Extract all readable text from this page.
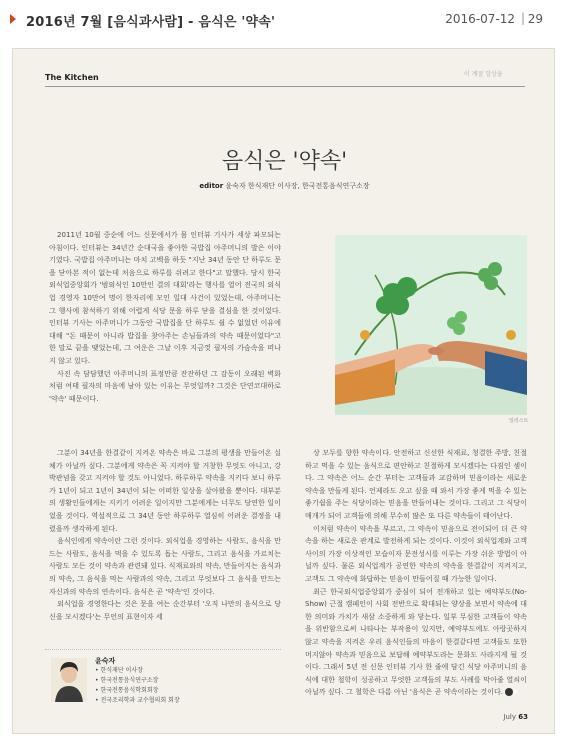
2016년 7월 [음식과사람] - 음식은 '약속'	2016-07-12 | 29
The Kitchen	이 계절 일상을
음식은 '약속'
editor 윤숙자 한식재단 이사장, 한국전통음식연구소장

2011년 10월 중순에 어느 신문에서가 몸 인터뷰 기사가 세상 파모되는 아침이다. 인터뷰는 34년간 순대국을 좋아한 국밥집 아주머니의 발은 이야기였다. 국밥집 아주머니는 마치 고백을 하듯 "지난 34년 동안 단 하루도 문을 닫아본 적이 없는데 처음으로 하루를 쉬려고 한다"고 말했다. 당시 한국외식업중앙회가 '범외식인 10만인 결의 대회'라는 행사를 열어 전국의 외식업 경영자 10만여 명이 한자리에 모인 일대 사건이 있었는데, 아주머니는 그 행사에 참석하기 위해 어렵게 식당 문을 하루 닫을 결심을 한 것이었다. 인터뷰 기사는 아주머니가 그동안 국밥집을 단 하루도 쉴 수 없었던 이유에 대해 "돈 때문이 아니라 밥집을 찾아주는 손님들과의 약속 때문이었다"고 한 말로 끝을 맺었는데, 그 여운은 그날 이후 지금껏 필자의 가슴속을 떠나지 않고 있다.

사진 속 담담했던 아주머니의 표정만큼 잔잔하던 그 감동이 오래된 벽화처럼 여태 필자의 마음에 남아 있는 이유는 무엇일까? 그것은 단연코대하로 '약속' 때문이다.

일러스트

그분이 34년을 한결같이 지켜온 약속은 바로 그분의 평생을 만들어온 실체가 아닐까 싶다. 그분에게 약속은 꼭 지켜야 할 거창한 무엇도 아니고, 강박관념을 갖고 지켜야 할 것도 아니었다. 하루하루 약속을 지키다 보니 하루가 1년이 되고 1년이 34년이 되는 어떠한 일상을 살아왔을 뿐이다. 대부분의 생활인들에게는 지키기 어려운 일이지만 그분에게는 너무도 당연한 일이었을 것이다. 역설적으로 그 34년 동안 하루하루 열심히 어려운 결정을 내렸을까 생각하게 된다.

음식인에게 약속이란 그런 것이다. 외식업을 경영하는 사람도, 음식을 만드는 사람도, 음식을 먹을 수 있도록 돕는 사람도, 그리고 음식을 가르치는 사람도 모든 것이 약속과 관련돼 있다. 식재료와의 약속, 만들어지는 음식과의 약속, 그 음식을 먹는 사람과의 약속, 그리고 무엇보다 그 음식을 만드는 자신과의 약속의 연속이다. 음식은 곧 '약속'인 것이다.

외식업을 경영한다는 것은 문을 여는 순간부터 '오직 나만의 음식으로 당신을 모시겠다'는 무언의 표현이자 세

상 모두를 향한 약속이다. 안전하고 신선한 식재료, 청결한 주방, 친절하고 먹을 수 있는 음식으로 편안하고 친절하게 모시겠다는 다짐인 셈이다. 그 약속은 어느 순간 부터는 고객들과 교감하며 믿음이라는 새로운 약속을 만들게 된다. 언제라도 오고 싶을 때 와서 가장 좋게 먹을 수 있는 좋기쉽을 주는 식당이라는 믿음을 만들어내는 것이다. 그리고 그 식당이 매개가 되어 고객들에 의해 무수히 많은 또 다른 약속들이 태어난다.

이처럼 약속이 약속을 부르고, 그 약속이 믿음으로 전이되어 더 큰 약속을 하는 새로운 관계로 발전하게 되는 것이다. 이것이 외식업계와 고객 사이의 가장 이상적인 모습이자 문전성시를 이루는 가장 쉬운 방법이 아닐까 싶다. 물론 외식업계가 공연한 약속의 약속을 한결같이 지켜지고, 고객도 그 약속에 화답하는 믿음이 만들어질 때 가능한 일이다.

최근 한국외식업중앙회가 중심이 되어 전개하고 있는 예약부도(No-Show) 근절 캠페인이 사회 전반으로 확대되는 양상을 보면서 약속에 대한 의미와 가치가 새삼 소중하게 와 닿는다. 일부 무심한 고객들이 약속을 위반함으로써 나타나는 부작용이 있지만, 예약부도에도 아랑곳하지 않고 약속을 지켜온 우리 음식인들의 마음이 한결같다면 고객들도 또한 머지않아 약속과 믿음으로 보답해 예약부도라는 문화도 사라지게 될 것이다. 그래서 5년 전 신문 인터뷰 기사 한 줄에 담긴 식당 아주머니의 음식에 대한 철학이 성공하고 무엇한 고객들의 부도 사례를 막아줄 열쇠이 아닐까 싶다. 그 철학은 다름 아닌 '음식은 곧 약속이라는 것이다. ●

윤숙자
• 한식재단 이사장
• 한국전통음식연구소장
• 한국전통음식학회회장
• 전국조리학과 교수협의회 회장
July 63
